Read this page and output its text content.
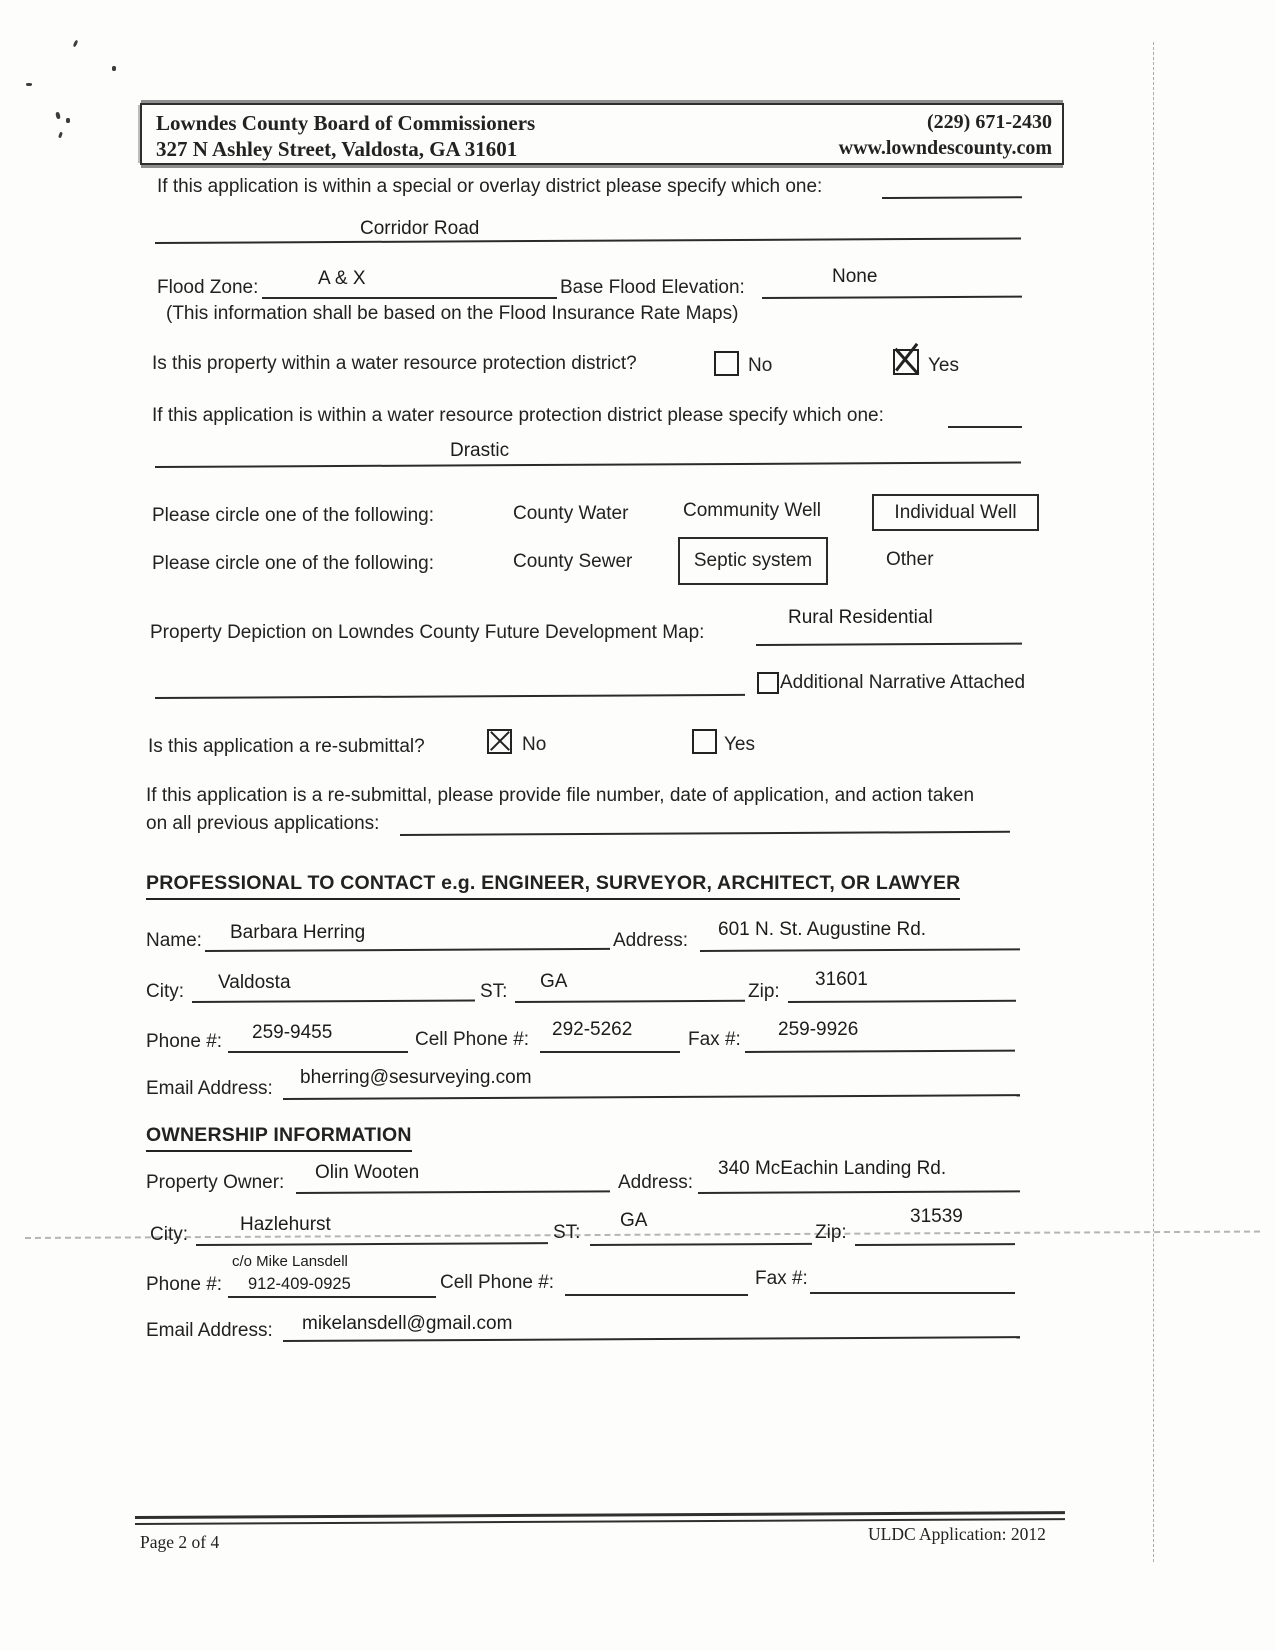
Lowndes County Board of Commissioners
327 N Ashley Street, Valdosta, GA 31601
(229) 671-2430
www.lowndescounty.com
If this application is within a special or overlay district please specify which one:
Corridor Road
Flood Zone:	A & X	Base Flood Elevation:
None
(This information shall be based on the Flood Insurance Rate Maps)
Is this property within a water resource protection district?	No	Yes
If this application is within a water resource protection district please specify which one:
Drastic
Please circle one of the following:	County Water	Community Well	Individual Well
Please circle one of the following:	County Sewer	Septic system	Other
Property Depiction on Lowndes County Future Development Map:
Rural Residential
Additional Narrative Attached
Is this application a re-submittal?	No	Yes
If this application is a re-submittal, please provide file number, date of application, and action taken
on all previous applications:
PROFESSIONAL TO CONTACT e.g. ENGINEER, SURVEYOR, ARCHITECT, OR LAWYER
Name: Barbara Herring	Address:
601 N. St. Augustine Rd.
City: Valdosta	ST: GA	Zip:
31601
Phone #: 259-9455	Cell Phone #: 292-5262	Fax #: 259-9926
Email Address:
bherring@sesurveying.com
OWNERSHIP INFORMATION
Property Owner: Olin Wooten	Address:
340 McEachin Landing Rd.
City:	Hazlehurst	ST:
GA
Zip:
31539
c/o Mike Lansdell
Phone #: 912-409-0925	Cell Phone #:	Fax #:
Email Address: mikelansdell@gmail.com
Page 2 of 4	ULDC Application: 2012
